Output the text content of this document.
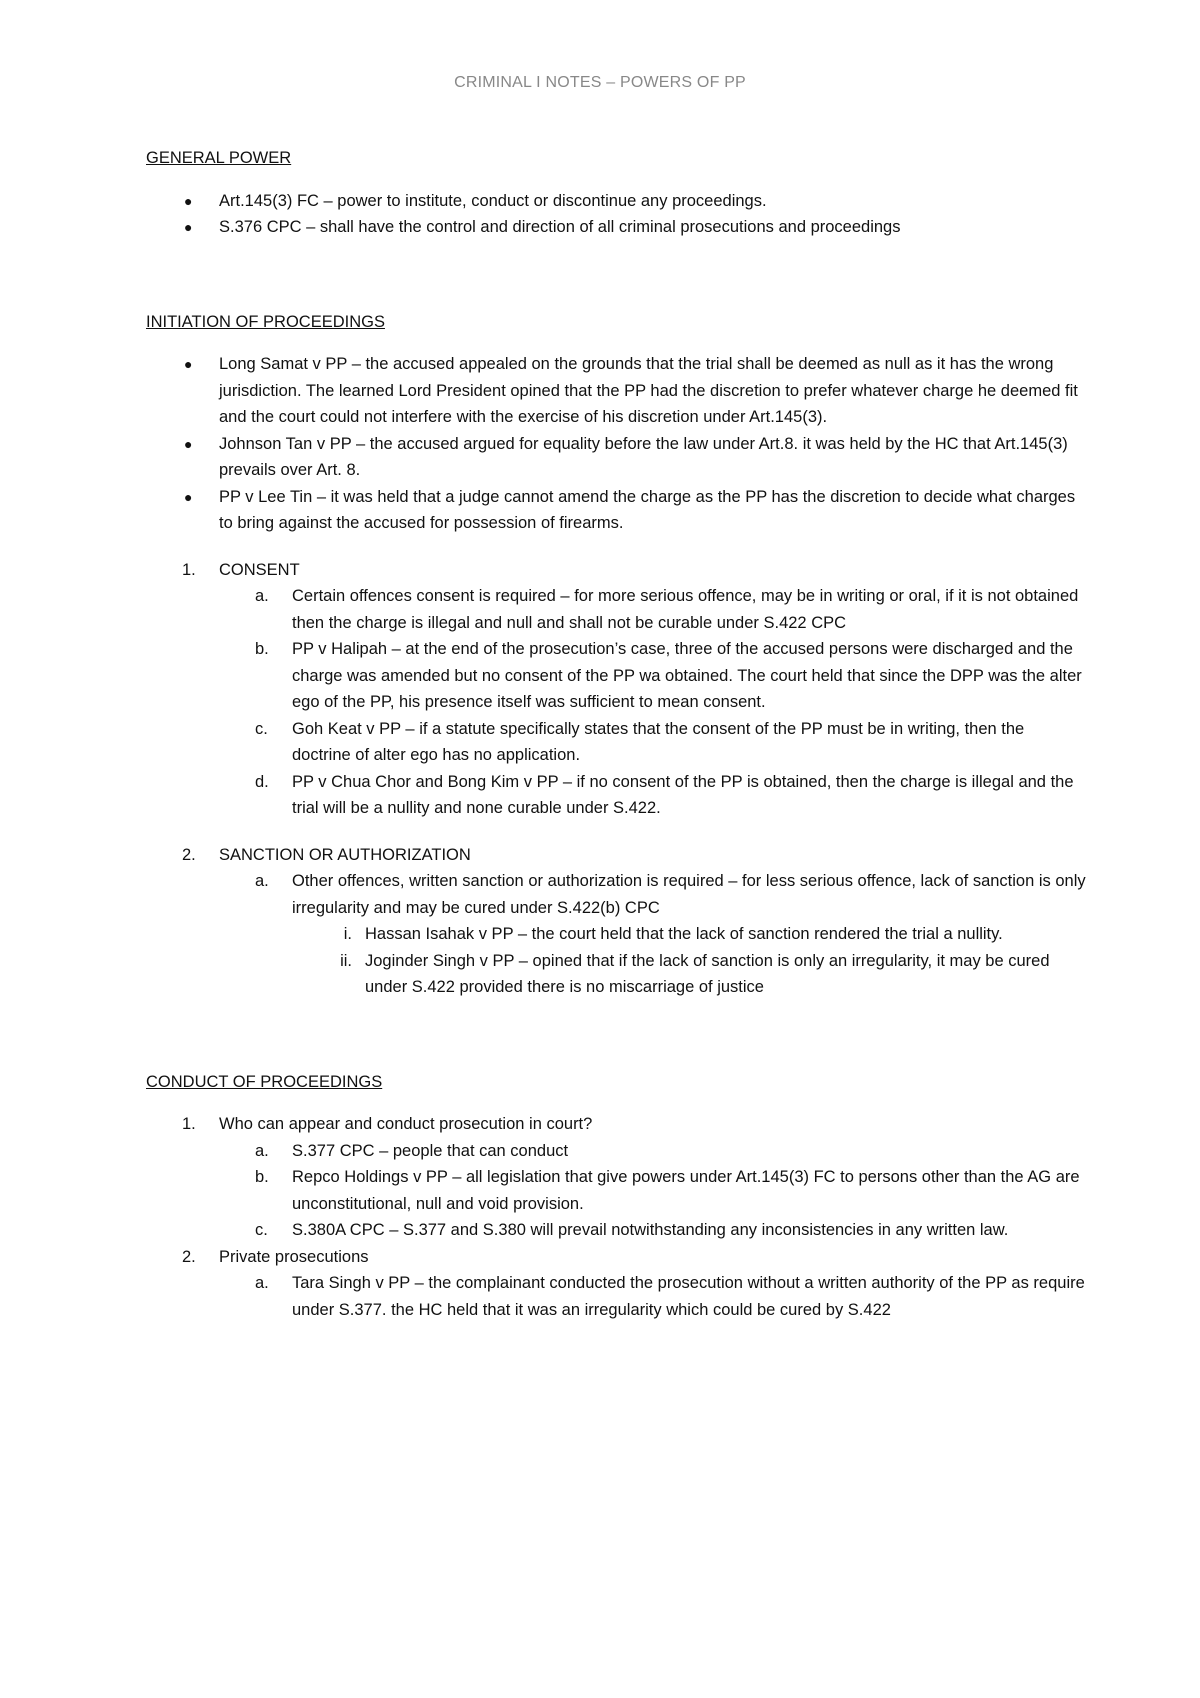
CRIMINAL I NOTES – POWERS OF PP

GENERAL POWER

● Art.145(3) FC – power to institute, conduct or discontinue any proceedings.
● S.376 CPC – shall have the control and direction of all criminal prosecutions and proceedings

INITIATION OF PROCEEDINGS

● Long Samat v PP – the accused appealed on the grounds that the trial shall be deemed as null as it has the wrong jurisdiction. The learned Lord President opined that the PP had the discretion to prefer whatever charge he deemed fit and the court could not interfere with the exercise of his discretion under Art.145(3).
● Johnson Tan v PP – the accused argued for equality before the law under Art.8. it was held by the HC that Art.145(3) prevails over Art. 8.
● PP v Lee Tin – it was held that a judge cannot amend the charge as the PP has the discretion to decide what charges to bring against the accused for possession of firearms.
1. CONSENT
a. Certain offences consent is required – for more serious offence, may be in writing or oral, if it is not obtained then the charge is illegal and null and shall not be curable under S.422 CPC
b. PP v Halipah – at the end of the prosecution’s case, three of the accused persons were discharged and the charge was amended but no consent of the PP wa obtained. The court held that since the DPP was the alter ego of the PP, his presence itself was sufficient to mean consent.
c. Goh Keat v PP – if a statute specifically states that the consent of the PP must be in writing, then the doctrine of alter ego has no application.
d. PP v Chua Chor and Bong Kim v PP – if no consent of the PP is obtained, then the charge is illegal and the trial will be a nullity and none curable under S.422.
2. SANCTION OR AUTHORIZATION
a. Other offences, written sanction or authorization is required – for less serious offence, lack of sanction is only irregularity and may be cured under S.422(b) CPC
i. Hassan Isahak v PP – the court held that the lack of sanction rendered the trial a nullity.
ii. Joginder Singh v PP – opined that if the lack of sanction is only an irregularity, it may be cured under S.422 provided there is no miscarriage of justice

CONDUCT OF PROCEEDINGS

1. Who can appear and conduct prosecution in court?
a. S.377 CPC – people that can conduct
b. Repco Holdings v PP – all legislation that give powers under Art.145(3) FC to persons other than the AG are unconstitutional, null and void provision.
c. S.380A CPC – S.377 and S.380 will prevail notwithstanding any inconsistencies in any written law.
2. Private prosecutions
a. Tara Singh v PP – the complainant conducted the prosecution without a written authority of the PP as require under S.377. the HC held that it was an irregularity which could be cured by S.422
